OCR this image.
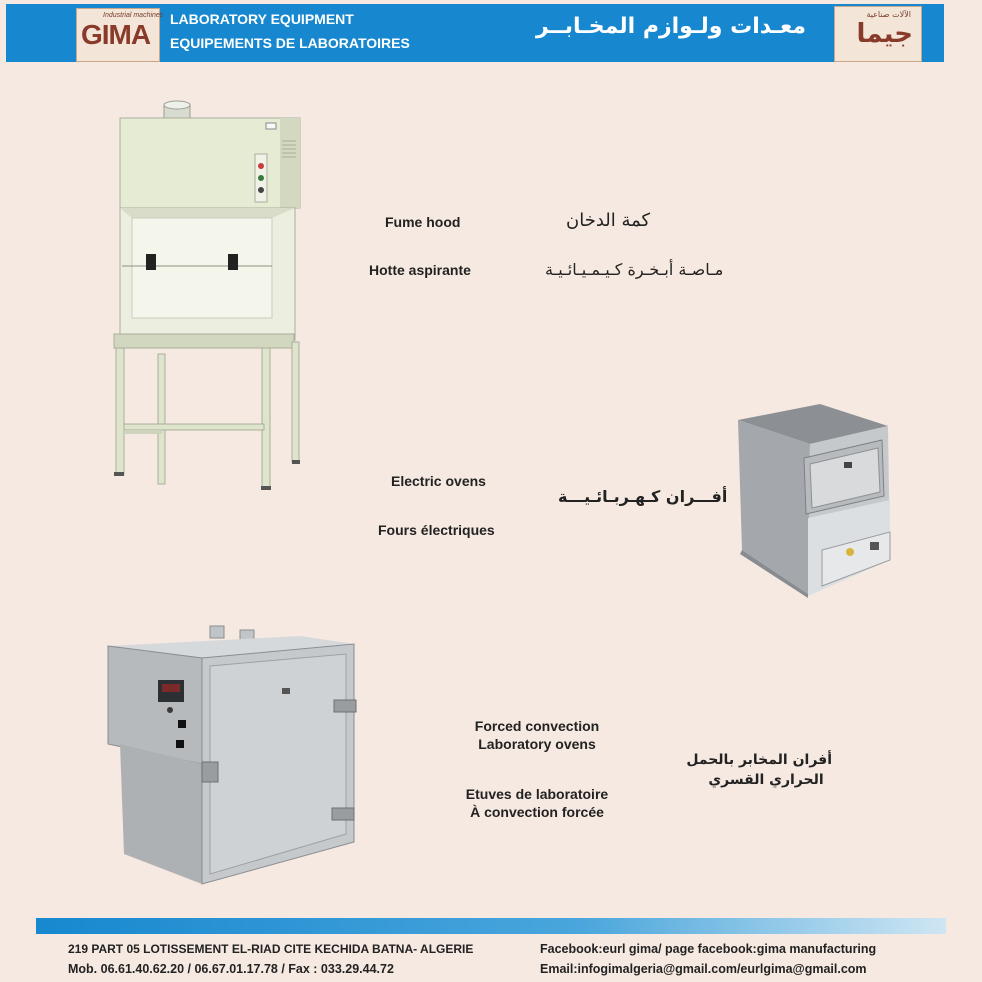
Industrial machines
GIMA LABORATORY EQUIPMENT
EQUIPEMENTS DE LABORATOIRES
معـدات ولـوازم المخـابــر	الآلات صناعية
جيما
Fume hood
Hotte aspirante
كمة الدخان
مـاصـة أبـخـرة كـيـمـيـائـيـة
Electric ovens
Fours électriques
أفـــران كـهـربـائـيـــة
Forced convection
Laboratory ovens
Etuves de laboratoire
À convection forcée
أفران المخابر بالحمل
الحراري القسري
219 PART 05 LOTISSEMENT EL-RIAD CITE KECHIDA BATNA- ALGERIE
Mob. 06.61.40.62.20 / 06.67.01.17.78 / Fax : 033.29.44.72
Facebook:eurl gima/ page facebook:gima manufacturing
Email:infogimalgeria@gmail.com/eurlgima@gmail.com
